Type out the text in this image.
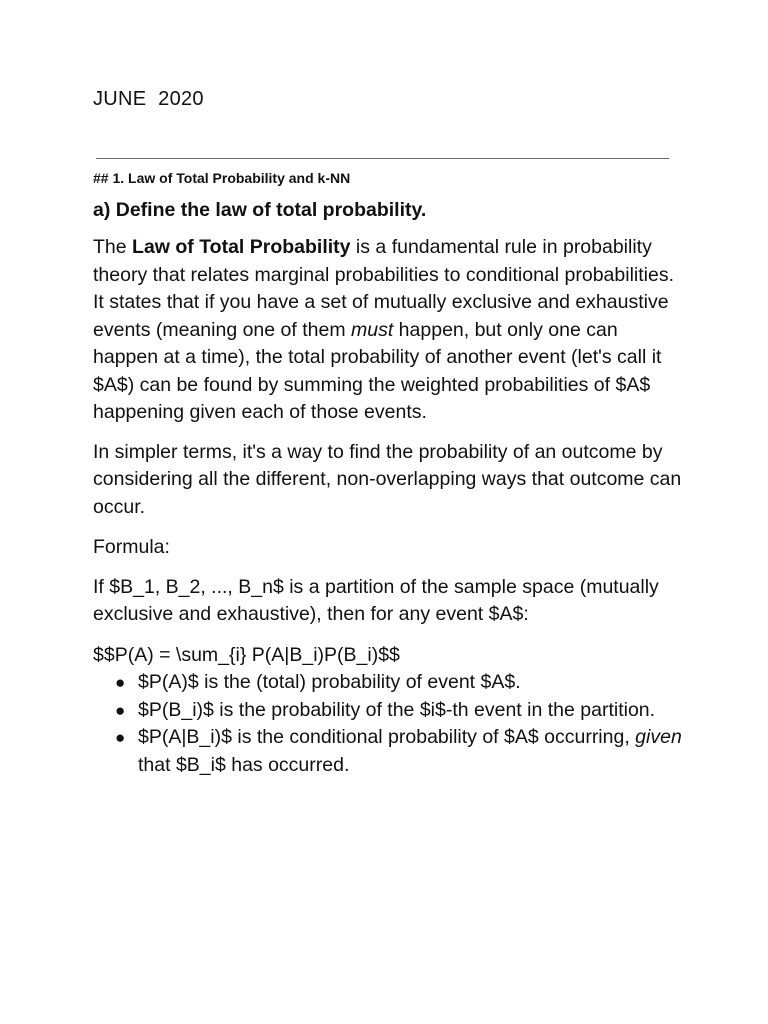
JUNE  2020

## 1. Law of Total Probability and k-NN

a) Define the law of total probability.

The Law of Total Probability is a fundamental rule in probability theory that relates marginal probabilities to conditional probabilities. It states that if you have a set of mutually exclusive and exhaustive events (meaning one of them must happen, but only one can happen at a time), the total probability of another event (let's call it $A$) can be found by summing the weighted probabilities of $A$ happening given each of those events.

In simpler terms, it's a way to find the probability of an outcome by considering all the different, non-overlapping ways that outcome can occur.

Formula:

If $B_1, B_2, ..., B_n$ is a partition of the sample space (mutually exclusive and exhaustive), then for any event $A$:

$$P(A) = \sum_{i} P(A|B_i)P(B_i)$$

● $P(A)$ is the (total) probability of event $A$.
● $P(B_i)$ is the probability of the $i$-th event in the partition.
● $P(A|B_i)$ is the conditional probability of $A$ occurring, given that $B_i$ has occurred.
